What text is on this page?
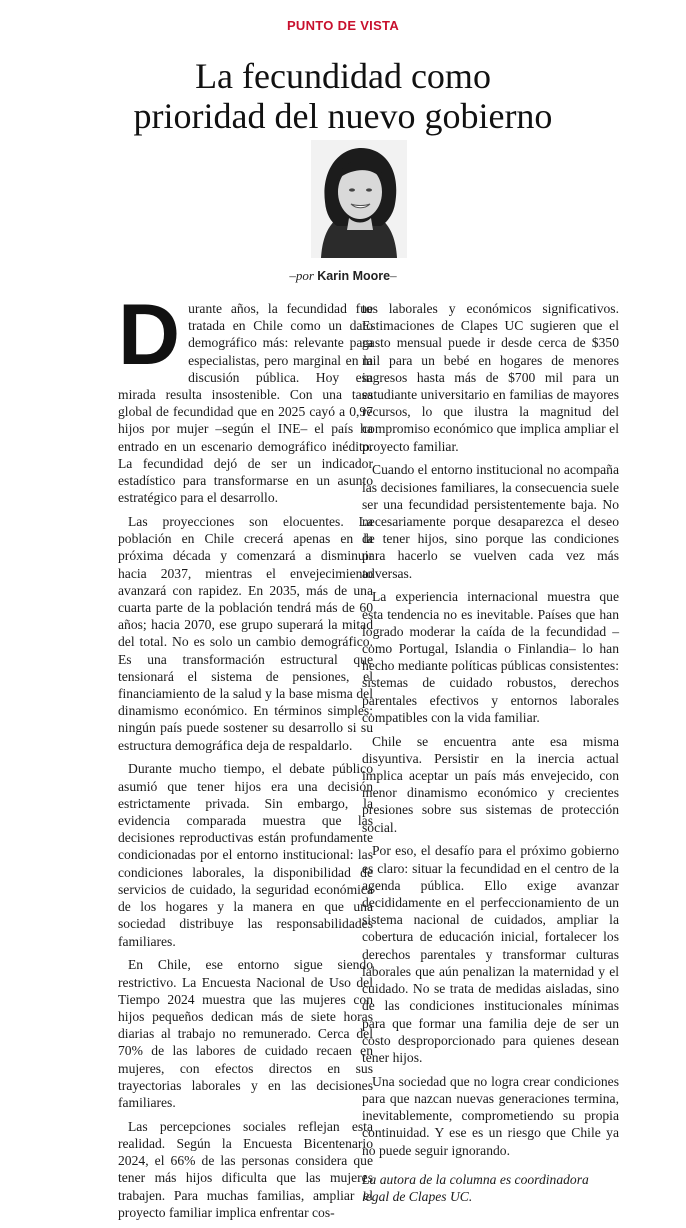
PUNTO DE VISTA
La fecundidad como
prioridad del nuevo gobierno
–por Karin Moore–

Durante años, la fecundidad fue tratada en Chile como un dato demográfico más: relevante para especialistas, pero marginal en la discusión pública. Hoy esa mirada resulta insostenible. Con una tasa global de fecundidad que en 2025 cayó a 0,97 hijos por mujer –según el INE– el país ha entrado en un escenario demográfico inédito. La fecundidad dejó de ser un indicador estadístico para transformarse en un asunto estratégico para el desarrollo.

Las proyecciones son elocuentes. La población en Chile crecerá apenas en la próxima década y comenzará a disminuir hacia 2037, mientras el envejecimiento avanzará con rapidez. En 2035, más de una cuarta parte de la población tendrá más de 60 años; hacia 2070, ese grupo superará la mitad del total. No es solo un cambio demográfico. Es una transformación estructural que tensionará el sistema de pensiones, el financiamiento de la salud y la base misma del dinamismo económico. En términos simples: ningún país puede sostener su desarrollo si su estructura demográfica deja de respaldarlo.

Durante mucho tiempo, el debate público asumió que tener hijos era una decisión estrictamente privada. Sin embargo, la evidencia comparada muestra que las decisiones reproductivas están profundamente condicionadas por el entorno institucional: las condiciones laborales, la disponibilidad de servicios de cuidado, la seguridad económica de los hogares y la manera en que una sociedad distribuye las responsabilidades familiares.

En Chile, ese entorno sigue siendo restrictivo. La Encuesta Nacional de Uso del Tiempo 2024 muestra que las mujeres con hijos pequeños dedican más de siete horas diarias al trabajo no remunerado. Cerca del 70% de las labores de cuidado recaen en mujeres, con efectos directos en sus trayectorias laborales y en las decisiones familiares.

Las percepciones sociales reflejan esta realidad. Según la Encuesta Bicentenario 2024, el 66% de las personas considera que tener más hijos dificulta que las mujeres trabajen. Para muchas familias, ampliar el proyecto familiar implica enfrentar cos-

tos laborales y económicos significativos. Estimaciones de Clapes UC sugieren que el gasto mensual puede ir desde cerca de $350 mil para un bebé en hogares de menores ingresos hasta más de $700 mil para un estudiante universitario en familias de mayores recursos, lo que ilustra la magnitud del compromiso económico que implica ampliar el proyecto familiar.

Cuando el entorno institucional no acompaña las decisiones familiares, la consecuencia suele ser una fecundidad persistentemente baja. No necesariamente porque desaparezca el deseo de tener hijos, sino porque las condiciones para hacerlo se vuelven cada vez más adversas.

La experiencia internacional muestra que esta tendencia no es inevitable. Países que han logrado moderar la caída de la fecundidad –como Portugal, Islandia o Finlandia– lo han hecho mediante políticas públicas consistentes: sistemas de cuidado robustos, derechos parentales efectivos y entornos laborales compatibles con la vida familiar.

Chile se encuentra ante esa misma disyuntiva. Persistir en la inercia actual implica aceptar un país más envejecido, con menor dinamismo económico y crecientes presiones sobre sus sistemas de protección social.

Por eso, el desafío para el próximo gobierno es claro: situar la fecundidad en el centro de la agenda pública. Ello exige avanzar decididamente en el perfeccionamiento de un sistema nacional de cuidados, ampliar la cobertura de educación inicial, fortalecer los derechos parentales y transformar culturas laborales que aún penalizan la maternidad y el cuidado. No se trata de medidas aisladas, sino de las condiciones institucionales mínimas para que formar una familia deje de ser un costo desproporcionado para quienes desean tener hijos.

Una sociedad que no logra crear condiciones para que nazcan nuevas generaciones termina, inevitablemente, comprometiendo su propia continuidad. Y ese es un riesgo que Chile ya no puede seguir ignorando.

La autora de la columna es coordinadora legal de Clapes UC.
